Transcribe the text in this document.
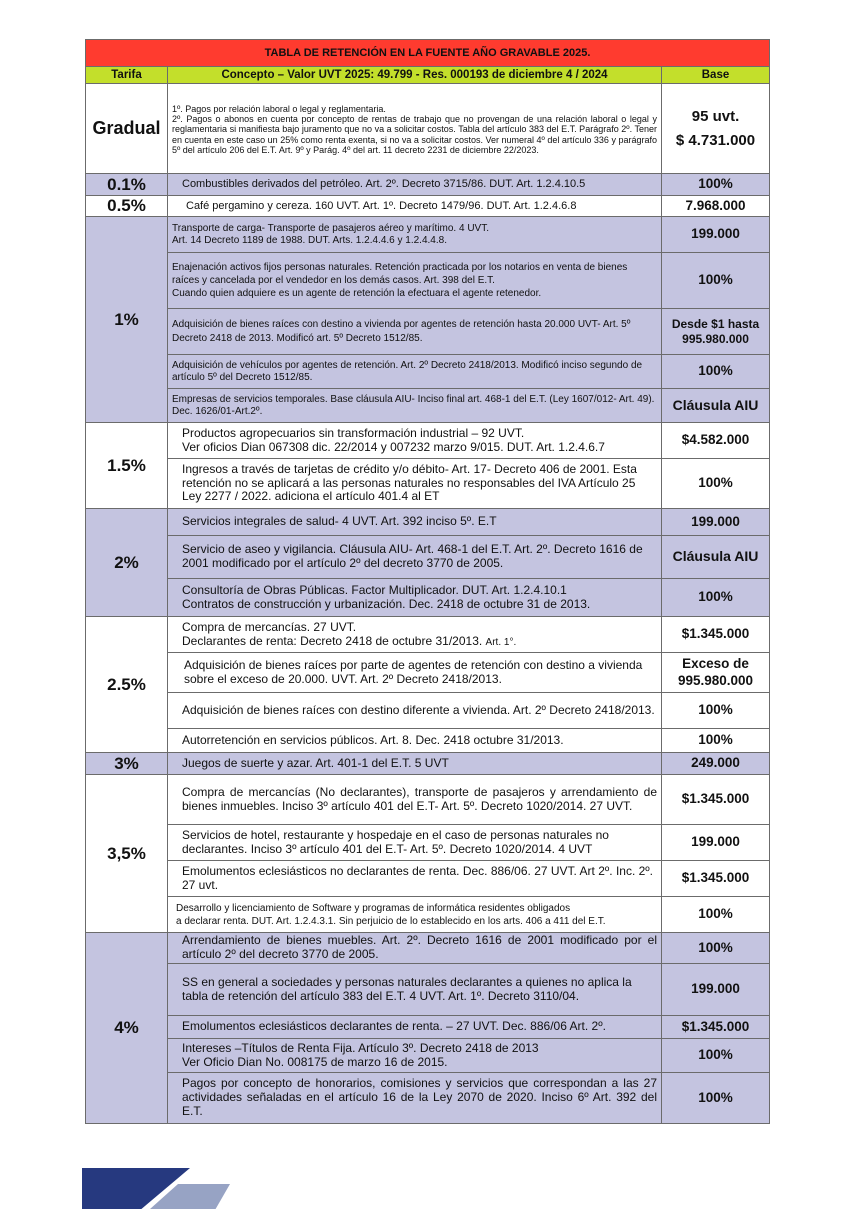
TABLA DE RETENCIÓN EN LA FUENTE AÑO GRAVABLE 2025.		
Tarifa	Concepto – Valor UVT 2025: 49.799 - Res. 000193 de diciembre 4 / 2024	Base
Gradual	1º. Pagos por relación laboral o legal y reglamentaria.
2º. Pagos o abonos en cuenta por concepto de rentas de trabajo que no provengan de una relación laboral o legal y reglamentaria si manifiesta bajo juramento que no va a solicitar costos. Tabla del artículo 383 del E.T. Parágrafo 2º. Tener en cuenta en este caso un 25% como renta exenta, si no va a solicitar costos. Ver numeral 4º del artículo 336 y parágrafo 5º del artículo 206 del E.T. Art. 9º y Parág. 4º del art. 11 decreto 2231 de diciembre 22/2023.	95 uvt.
$ 4.731.000
0.1%	Combustibles derivados del petróleo. Art. 2º. Decreto 3715/86. DUT. Art. 1.2.4.10.5	100%
0.5%	Café pergamino y cereza. 160 UVT. Art. 1º. Decreto 1479/96. DUT. Art. 1.2.4.6.8	7.968.000
1%	Transporte de carga- Transporte de pasajeros aéreo y marítimo. 4 UVT.
Art. 14 Decreto 1189 de 1988. DUT. Arts. 1.2.4.4.6 y 1.2.4.4.8.	199.000
	Enajenación activos fijos personas naturales. Retención practicada por los notarios en venta de bienes raíces y cancelada por el vendedor en los demás casos. Art. 398 del E.T.
Cuando quien adquiere es un agente de retención la efectuara el agente retenedor.	100%
	Adquisición de bienes raíces con destino a vivienda por agentes de retención hasta 20.000 UVT- Art. 5º Decreto 2418 de 2013. Modificó art. 5º Decreto 1512/85.	Desde $1 hasta
995.980.000
	Adquisición de vehículos por agentes de retención. Art. 2º Decreto 2418/2013. Modificó inciso segundo de artículo 5º del Decreto 1512/85.	100%
	Empresas de servicios temporales. Base cláusula AIU- Inciso final art. 468-1 del E.T. (Ley 1607/012- Art. 49). Dec. 1626/01-Art.2º.	Cláusula AIU
1.5%	Productos agropecuarios sin transformación industrial – 92 UVT.
Ver oficios Dian 067308 dic. 22/2014 y 007232 marzo 9/015. DUT. Art. 1.2.4.6.7	$4.582.000
	Ingresos a través de tarjetas de crédito y/o débito- Art. 17- Decreto 406 de 2001. Esta retención no se aplicará a las personas naturales no responsables del IVA Artículo 25 Ley 2277 / 2022. adiciona el artículo 401.4 al ET	100%
2%	Servicios integrales de salud- 4 UVT. Art. 392 inciso 5º. E.T	199.000
	Servicio de aseo y vigilancia. Cláusula AIU- Art. 468-1 del E.T. Art. 2º. Decreto 1616 de 2001 modificado por el artículo 2º del decreto 3770 de 2005.	Cláusula AIU
	Consultoría de Obras Públicas. Factor Multiplicador. DUT. Art. 1.2.4.10.1
Contratos de construcción y urbanización. Dec. 2418 de octubre 31 de 2013.	100%
2.5%	Compra de mercancías. 27 UVT.
Declarantes de renta: Decreto 2418 de octubre 31/2013. Art. 1°.	$1.345.000
	Adquisición de bienes raíces por parte de agentes de retención con destino a vivienda sobre el exceso de 20.000. UVT. Art. 2º Decreto 2418/2013.	Exceso de
995.980.000
	Adquisición de bienes raíces con destino diferente a vivienda. Art. 2º Decreto 2418/2013.	100%
	Autorretención en servicios públicos. Art. 8. Dec. 2418 octubre 31/2013.	100%
3%	Juegos de suerte y azar. Art. 401-1 del E.T. 5 UVT	249.000
3,5%	Compra de mercancías (No declarantes), transporte de pasajeros y arrendamiento de bienes inmuebles. Inciso 3º artículo 401 del E.T- Art. 5º. Decreto 1020/2014. 27 UVT.	$1.345.000
	Servicios de hotel, restaurante y hospedaje en el caso de personas naturales no declarantes. Inciso 3º artículo 401 del E.T- Art. 5º. Decreto 1020/2014. 4 UVT	199.000
	Emolumentos eclesiásticos no declarantes de renta. Dec. 886/06. 27 UVT. Art 2º. Inc. 2º. 27 uvt.	$1.345.000
	Desarrollo y licenciamiento de Software y programas de informática residentes obligados
a declarar renta. DUT. Art. 1.2.4.3.1. Sin perjuicio de lo establecido en los arts. 406 a 411 del E.T.	100%
4%	Arrendamiento de bienes muebles. Art. 2º. Decreto 1616 de 2001 modificado por el artículo 2º del decreto 3770 de 2005.	100%
	SS en general a sociedades y personas naturales declarantes a quienes no aplica la tabla de retención del artículo 383 del E.T. 4 UVT. Art. 1º. Decreto 3110/04.	199.000
	Emolumentos eclesiásticos declarantes de renta. – 27 UVT. Dec. 886/06 Art. 2º.	$1.345.000
	Intereses –Títulos de Renta Fija. Artículo 3º. Decreto 2418 de 2013
Ver Oficio Dian No. 008175 de marzo 16 de 2015.	100%
	Pagos por concepto de honorarios, comisiones y servicios que correspondan a las 27 actividades señaladas en el artículo 16 de la Ley 2070 de 2020. Inciso 6º Art. 392 del E.T.	100%
